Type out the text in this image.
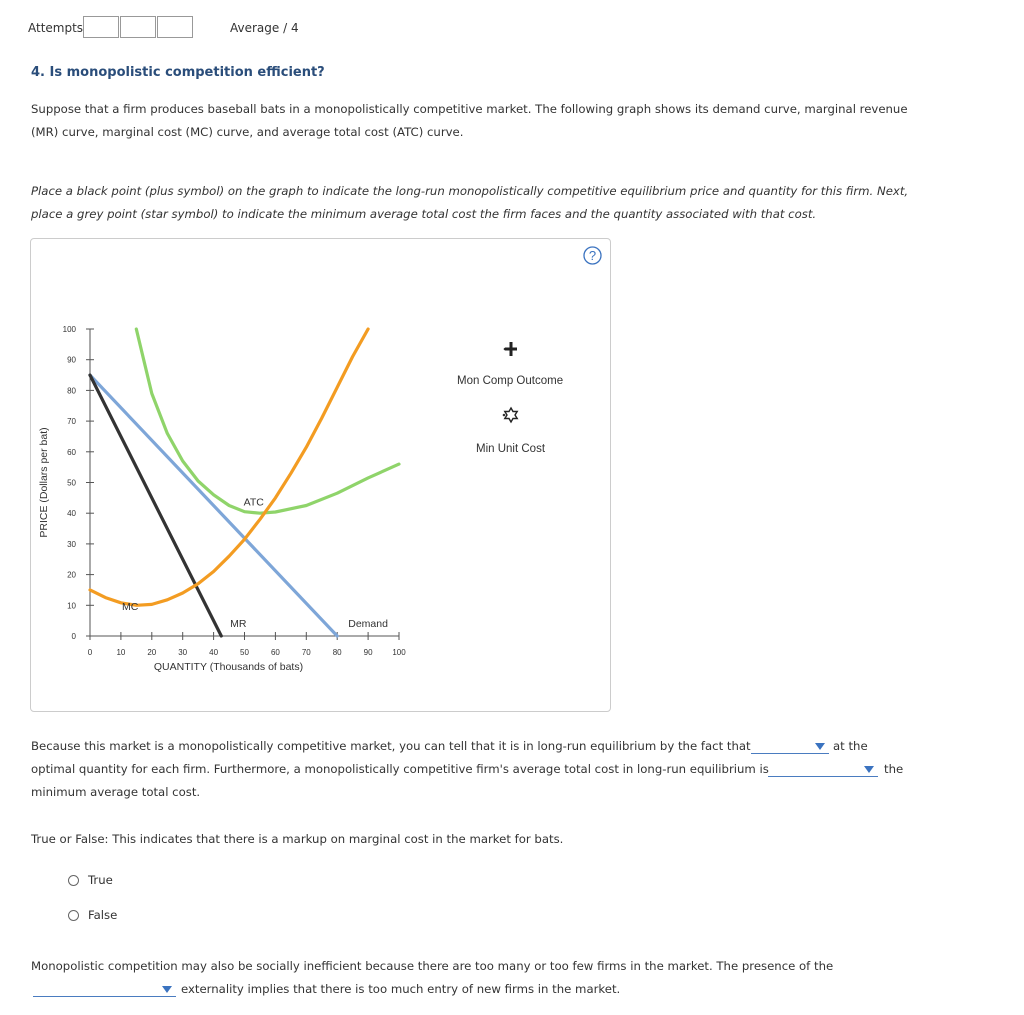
Attempts	Average / 4
4. Is monopolistic competition efficient?
Suppose that a firm produces baseball bats in a monopolistically competitive market. The following graph shows its demand curve, marginal revenue
(MR) curve, marginal cost (MC) curve, and average total cost (ATC) curve.
Place a black point (plus symbol) on the graph to indicate the long-run monopolistically competitive equilibrium price and quantity for this firm. Next,
place a grey point (star symbol) to indicate the minimum average total cost the firm faces and the quantity associated with that cost.
?
0	10	20	30	40	50	60	70	80	90 100
0
10
20
30
40
50
60
70
80
90
100
QUANTITY (Thousands of bats)
PRICE (Dollars per bat)
Demand
MR
ATC
MC
Mon Comp Outcome
Min Unit Cost
Because this market is a monopolistically competitive market, you can tell that it is in long-run equilibrium by the fact that	at the
optimal quantity for each firm. Furthermore, a monopolistically competitive firm's average total cost in long-run equilibrium is	the
minimum average total cost.
True or False: This indicates that there is a markup on marginal cost in the market for bats.
True
False
Monopolistic competition may also be socially inefficient because there are too many or too few firms in the market. The presence of the
externality implies that there is too much entry of new firms in the market.
